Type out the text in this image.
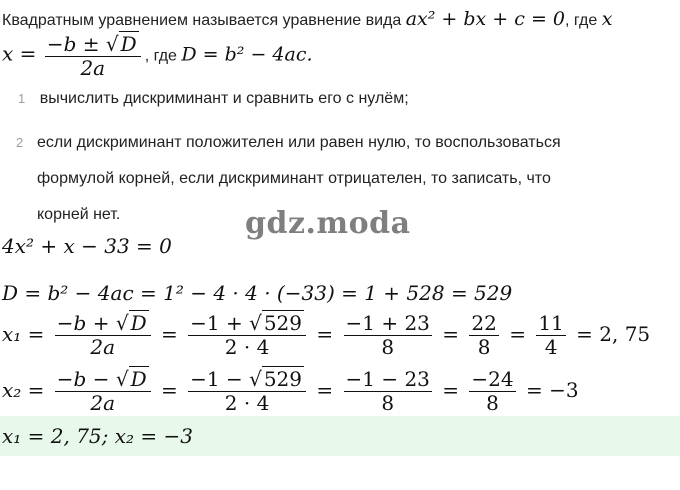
Квадратным уравнением называется уравнение вида ax² + bx + c = 0, где x
$x = \frac{-b \pm √ D}{2a}$ , где D = b² − 4ac.
1 вычислить дискриминант и сравнить его с нулём;
2 если дискриминант положителен или равен нулю, то воспользоваться
формулой корней, если дискриминант отрицателен, то записать, что
корней нет.	gdz.moda
4x² + x − 33 = 0
D = b² − 4ac = 1² − 4 · 4 · (−33) = 1 + 528 = 529
$x_1 = \frac{-b + √ D}{2a} = \frac{-1 + √ 529}{2 \cdot 4} = \frac{-1 + 23}{8} = \frac{22}{8} = \frac{11}{4} = 2$, 75
$x_2 = \frac{-b - √ D}{2a} = \frac{-1 - √ 529}{2 \cdot 4} = \frac{-1 - 23}{8} = \frac{-24}{8} = -3$
x₁ = 2, 75; x₂ = −3
